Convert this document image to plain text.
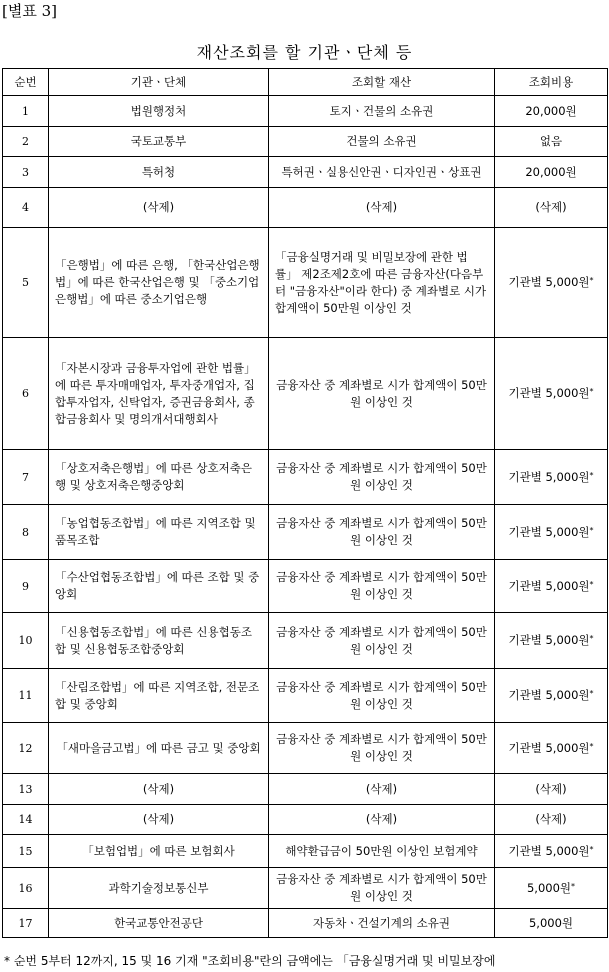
[별표 3]
재산조회를 할 기관ㆍ단체 등
순번	기관ㆍ단체	조회할 재산	조회비용
1	법원행정처	토지ㆍ건물의 소유권	20,000원
2	국토교통부	건물의 소유권	없음
3	특허청	특허권ㆍ실용신안권ㆍ디자인권ㆍ상표권	20,000원
4	(삭제)	(삭제)	(삭제)
5	「은행법」에 따른 은행, 「한국산업은행법」에 따른 한국산업은행 및 「중소기업은행법」에 따른 중소기업은행	「금융실명거래 및 비밀보장에 관한 법률」 제2조제2호에 따른 금융자산(다음부터 "금융자산"이라 한다) 중 계좌별로 시가 합계액이 50만원 이상인 것	기관별 5,000원*
6	「자본시장과 금융투자업에 관한 법률」에 따른 투자매매업자, 투자중개업자, 집합투자업자, 신탁업자, 증권금융회사, 종합금융회사 및 명의개서대행회사	금융자산 중 계좌별로 시가 합계액이 50만원 이상인 것	기관별 5,000원*
7	「상호저축은행법」에 따른 상호저축은행 및 상호저축은행중앙회	금융자산 중 계좌별로 시가 합계액이 50만원 이상인 것	기관별 5,000원*
8	「농업협동조합법」에 따른 지역조합 및 품목조합	금융자산 중 계좌별로 시가 합계액이 50만원 이상인 것	기관별 5,000원*
9	「수산업협동조합법」에 따른 조합 및 중앙회	금융자산 중 계좌별로 시가 합계액이 50만원 이상인 것	기관별 5,000원*
10	「신용협동조합법」에 따른 신용협동조합 및 신용협동조합중앙회	금융자산 중 계좌별로 시가 합계액이 50만원 이상인 것	기관별 5,000원*
11	「산림조합법」에 따른 지역조합, 전문조합 및 중앙회	금융자산 중 계좌별로 시가 합계액이 50만원 이상인 것	기관별 5,000원*
12	「새마을금고법」에 따른 금고 및 중앙회	금융자산 중 계좌별로 시가 합계액이 50만원 이상인 것	기관별 5,000원*
13	(삭제)	(삭제)	(삭제)
14	(삭제)	(삭제)	(삭제)
15	「보험업법」에 따른 보험회사	해약환급금이 50만원 이상인 보험계약	기관별 5,000원*
16	과학기술정보통신부	금융자산 중 계좌별로 시가 합계액이 50만원 이상인 것	5,000원*
17	한국교통안전공단	자동차ㆍ건설기계의 소유권	5,000원
* 순번 5부터 12까지, 15 및 16 기재 "조회비용"란의 금액에는 「금융실명거래 및 비밀보장에
